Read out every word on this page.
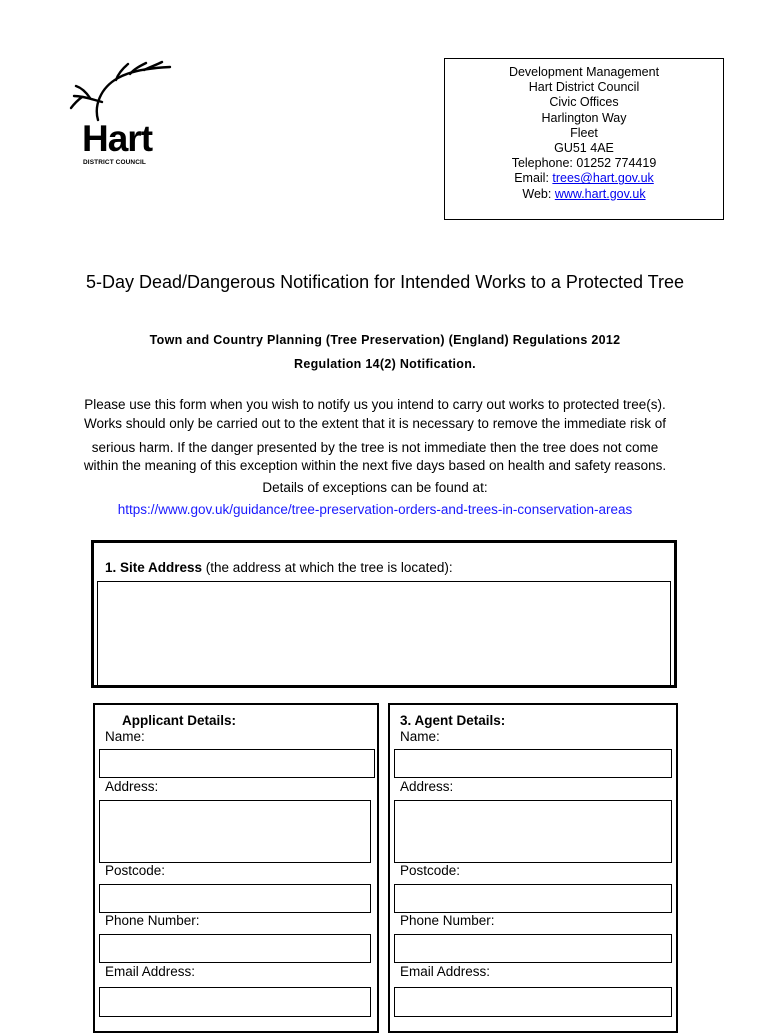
Hart
DISTRICT COUNCIL
Development Management
Hart District Council
Civic Offices
Harlington Way
Fleet
GU51 4AE
Telephone: 01252 774419
Email: trees@hart.gov.uk
Web: www.hart.gov.uk
5-Day Dead/Dangerous Notification for Intended Works to a Protected Tree
Town and Country Planning (Tree Preservation) (England) Regulations 2012
Regulation 14(2) Notification.
Please use this form when you wish to notify us you intend to carry out works to protected tree(s).
Works should only be carried out to the extent that it is necessary to remove the immediate risk of
serious harm. If the danger presented by the tree is not immediate then the tree does not come
within the meaning of this exception within the next five days based on health and safety reasons.
Details of exceptions can be found at:
https://www.gov.uk/guidance/tree-preservation-orders-and-trees-in-conservation-areas
1. Site Address (the address at which the tree is located):
Applicant Details:
Name:
Address:
Postcode:
Phone Number:
Email Address:
3. Agent Details:
Name:
Address:
Postcode:
Phone Number:
Email Address:
